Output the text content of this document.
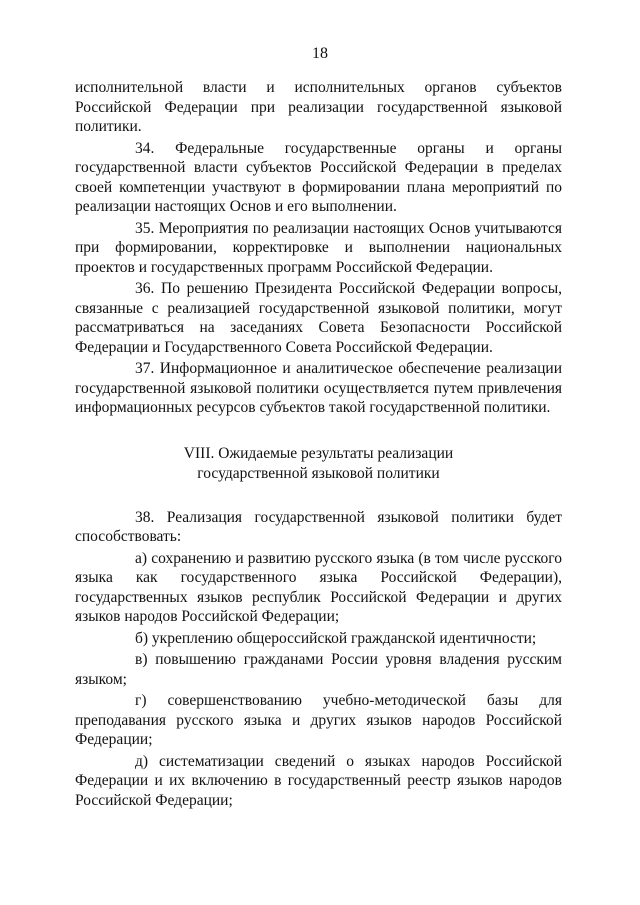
18

исполнительной власти и исполнительных органов субъектов Российской Федерации при реализации государственной языковой политики.

34. Федеральные государственные органы и органы государственной власти субъектов Российской Федерации в пределах своей компетенции участвуют в формировании плана мероприятий по реализации настоящих Основ и его выполнении.

35. Мероприятия по реализации настоящих Основ учитываются при формировании, корректировке и выполнении национальных проектов и государственных программ Российской Федерации.

36. По решению Президента Российской Федерации вопросы, связанные с реализацией государственной языковой политики, могут рассматриваться на заседаниях Совета Безопасности Российской Федерации и Государственного Совета Российской Федерации.

37. Информационное и аналитическое обеспечение реализации государственной языковой политики осуществляется путем привлечения информационных ресурсов субъектов такой государственной политики.

VIII. Ожидаемые результаты реализации
государственной языковой политики

38. Реализация государственной языковой политики будет способствовать:

а) сохранению и развитию русского языка (в том числе русского языка как государственного языка Российской Федерации), государственных языков республик Российской Федерации и других языков народов Российской Федерации;

б) укреплению общероссийской гражданской идентичности;

в) повышению гражданами России уровня владения русским языком;

г) совершенствованию учебно-методической базы для преподавания русского языка и других языков народов Российской Федерации;

д) систематизации сведений о языках народов Российской Федерации и их включению в государственный реестр языков народов Российской Федерации;
